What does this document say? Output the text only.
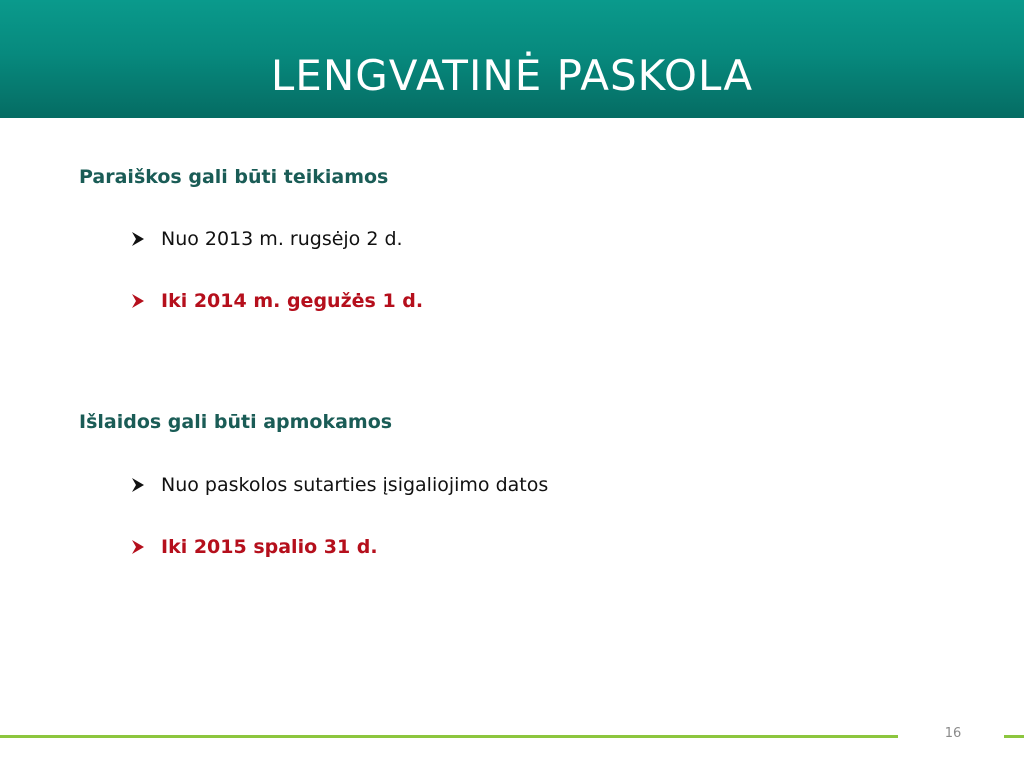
LENGVATINĖ PASKOLA
Paraiškos gali būti teikiamos
Nuo 2013 m. rugsėjo 2 d.
Iki 2014 m. gegužės 1 d.
Išlaidos gali būti apmokamos
Nuo paskolos sutarties įsigaliojimo datos
Iki 2015 spalio 31 d.
16
